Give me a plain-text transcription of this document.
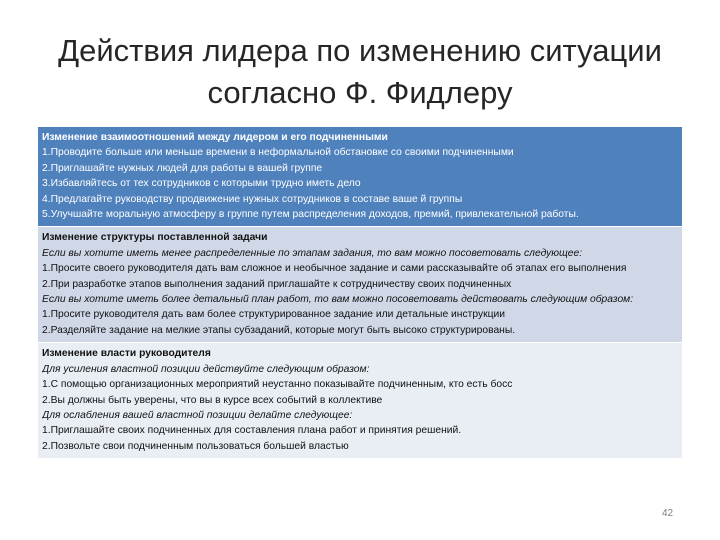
Действия лидера по изменению ситуации
согласно Ф. Фидлеру
Изменение взаимоотношений между лидером и его подчиненными
1.Проводите больше или меньше времени в неформальной обстановке со своими подчиненными
2.Приглашайте нужных людей для работы в вашей группе
3.Избавляйтесь от тех сотрудников с которыми трудно иметь дело
4.Предлагайте руководству продвижение нужных сотрудников в составе ваше й группы
5.Улучшайте моральную атмосферу в группе путем распределения доходов, премий, привлекательной работы.

Изменение структуры поставленной задачи
Если вы хотите иметь менее распределенные по этапам задания, то вам можно посоветовать следующее:
1.Просите своего руководителя дать вам сложное и необычное задание и сами рассказывайте об этапах его выполнения
2.При разработке этапов выполнения заданий приглашайте к сотрудничеству своих подчиненных
Если вы хотите иметь более детальный план работ, то вам можно посоветовать действовать следующим образом:
1.Просите руководителя дать вам более структурированное задание или детальные инструкции
2.Разделяйте задание на мелкие этапы субзаданий, которые могут быть высоко структурированы.

Изменение власти руководителя
Для усиления властной позиции действуйте следующим образом:
1.С помощью организационных мероприятий неустанно показывайте подчиненным, кто есть босс
2.Вы должны быть уверены, что вы в курсе всех событий в коллективе
Для ослабления вашей властной позиции делайте следующее:
1.Приглашайте своих подчиненных для составления плана работ и принятия решений.
2.Позвольте свои подчиненным пользоваться большей властью
42
